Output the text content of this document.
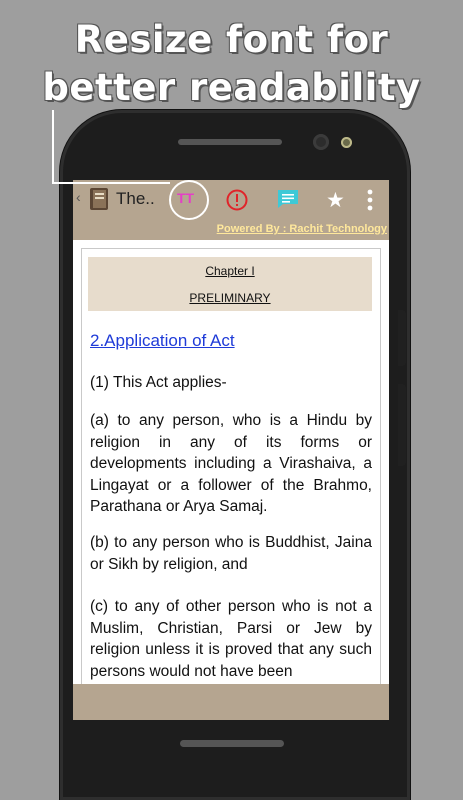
Resize font for
better readability
‹ The.. TT	★
Powered By : Rachit Technology
Chapter I
PRELIMINARY
2.Application of Act
(1) This Act applies-
(a) to any person, who is a Hindu by religion in any of its forms or developments including a Virashaiva, a Lingayat or a follower of the Brahmo, Parathana or Arya Samaj.
(b) to any person who is Buddhist, Jaina or Sikh by religion, and
(c) to any of other person who is not a Muslim, Christian, Parsi or Jew by religion unless it is proved that any such persons would not have been
